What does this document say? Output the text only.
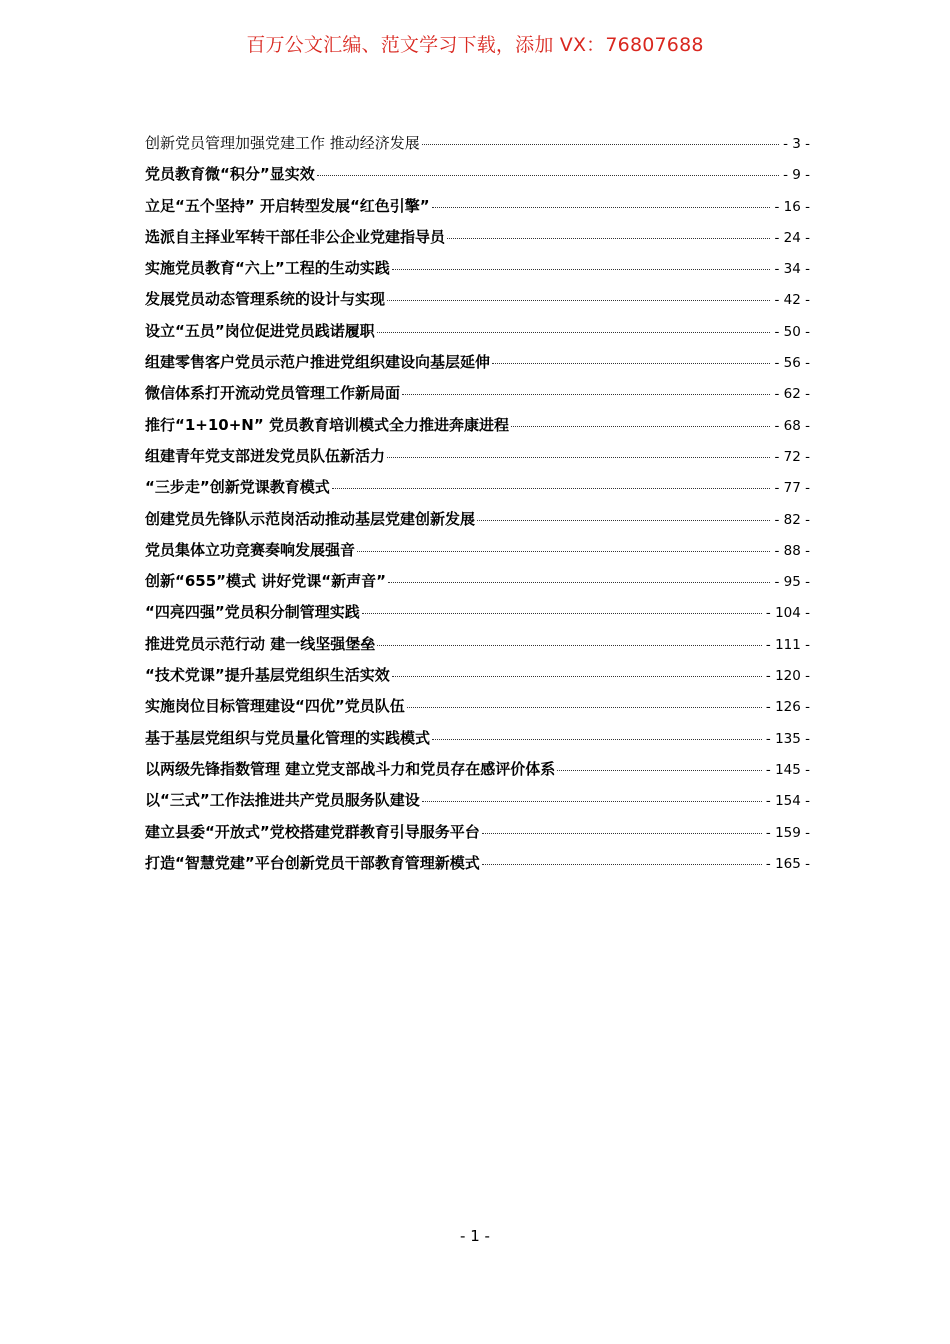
百万公文汇编、范文学习下载，添加 VX：76807688
创新党员管理加强党建工作 推动经济发展	- 3 -
党员教育微“积分”显实效	- 9 -
立足“五个坚持” 开启转型发展“红色引擎”	- 16 -
选派自主择业军转干部任非公企业党建指导员	- 24 -
实施党员教育“六上”工程的生动实践	- 34 -
发展党员动态管理系统的设计与实现	- 42 -
设立“五员”岗位促进党员践诺履职	- 50 -
组建零售客户党员示范户推进党组织建设向基层延伸	- 56 -
微信体系打开流动党员管理工作新局面	- 62 -
推行“1+10+N” 党员教育培训模式全力推进奔康进程	- 68 -
组建青年党支部迸发党员队伍新活力	- 72 -
“三步走”创新党课教育模式	- 77 -
创建党员先锋队示范岗活动推动基层党建创新发展	- 82 -
党员集体立功竞赛奏响发展强音	- 88 -
创新“655”模式 讲好党课“新声音”	- 95 -
“四亮四强”党员积分制管理实践	- 104 -
推进党员示范行动 建一线坚强堡垒	- 111 -
“技术党课”提升基层党组织生活实效	- 120 -
实施岗位目标管理建设“四优”党员队伍	- 126 -
基于基层党组织与党员量化管理的实践模式	- 135 -
以两级先锋指数管理 建立党支部战斗力和党员存在感评价体系	- 145 -
以“三式”工作法推进共产党员服务队建设	- 154 -
建立县委“开放式”党校搭建党群教育引导服务平台	- 159 -
打造“智慧党建”平台创新党员干部教育管理新模式	- 165 -
- 1 -
